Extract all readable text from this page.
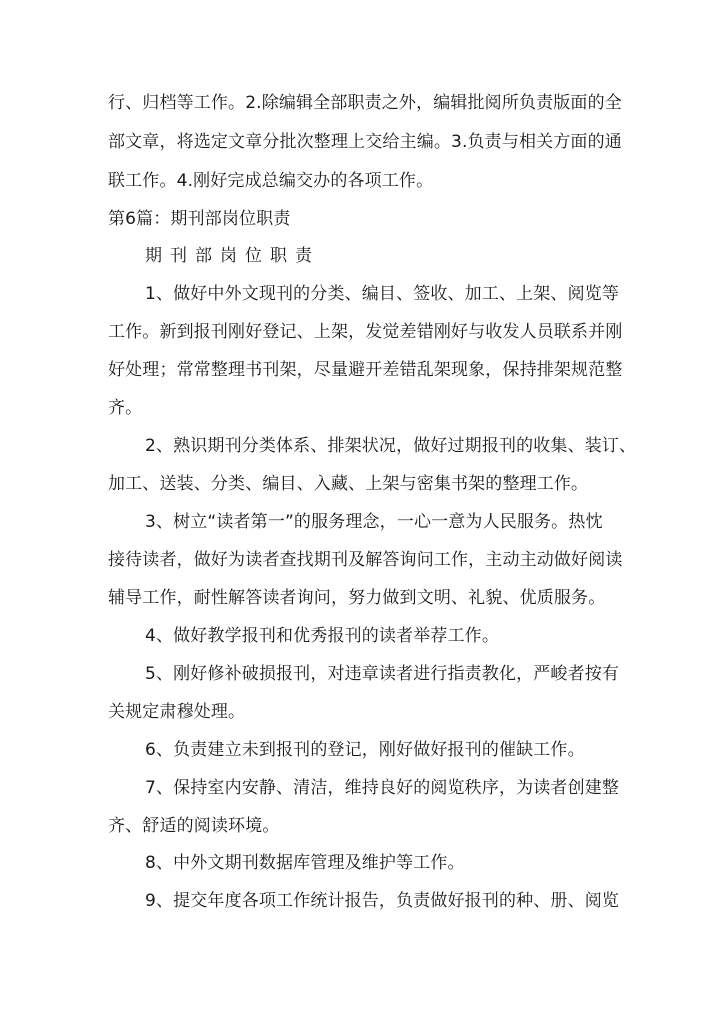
行、归档等工作。2.除编辑全部职责之外，编辑批阅所负责版面的全
部文章，将选定文章分批次整理上交给主编。3.负责与相关方面的通
联工作。4.刚好完成总编交办的各项工作。
第6篇：期刊部岗位职责
期刊部岗位职责
1、做好中外文现刊的分类、编目、签收、加工、上架、阅览等
工作。新到报刊刚好登记、上架，发觉差错刚好与收发人员联系并刚
好处理；常常整理书刊架，尽量避开差错乱架现象，保持排架规范整
齐。
2、熟识期刊分类体系、排架状况，做好过期报刊的收集、装订、
加工、送装、分类、编目、入藏、上架与密集书架的整理工作。
3、树立“读者第一”的服务理念，一心一意为人民服务。热忱
接待读者，做好为读者查找期刊及解答询问工作，主动主动做好阅读
辅导工作，耐性解答读者询问，努力做到文明、礼貌、优质服务。
4、做好教学报刊和优秀报刊的读者举荐工作。
5、刚好修补破损报刊，对违章读者进行指责教化，严峻者按有
关规定肃穆处理。
6、负责建立未到报刊的登记，刚好做好报刊的催缺工作。
7、保持室内安静、清洁，维持良好的阅览秩序，为读者创建整
齐、舒适的阅读环境。
8、中外文期刊数据库管理及维护等工作。
9、提交年度各项工作统计报告，负责做好报刊的种、册、阅览
